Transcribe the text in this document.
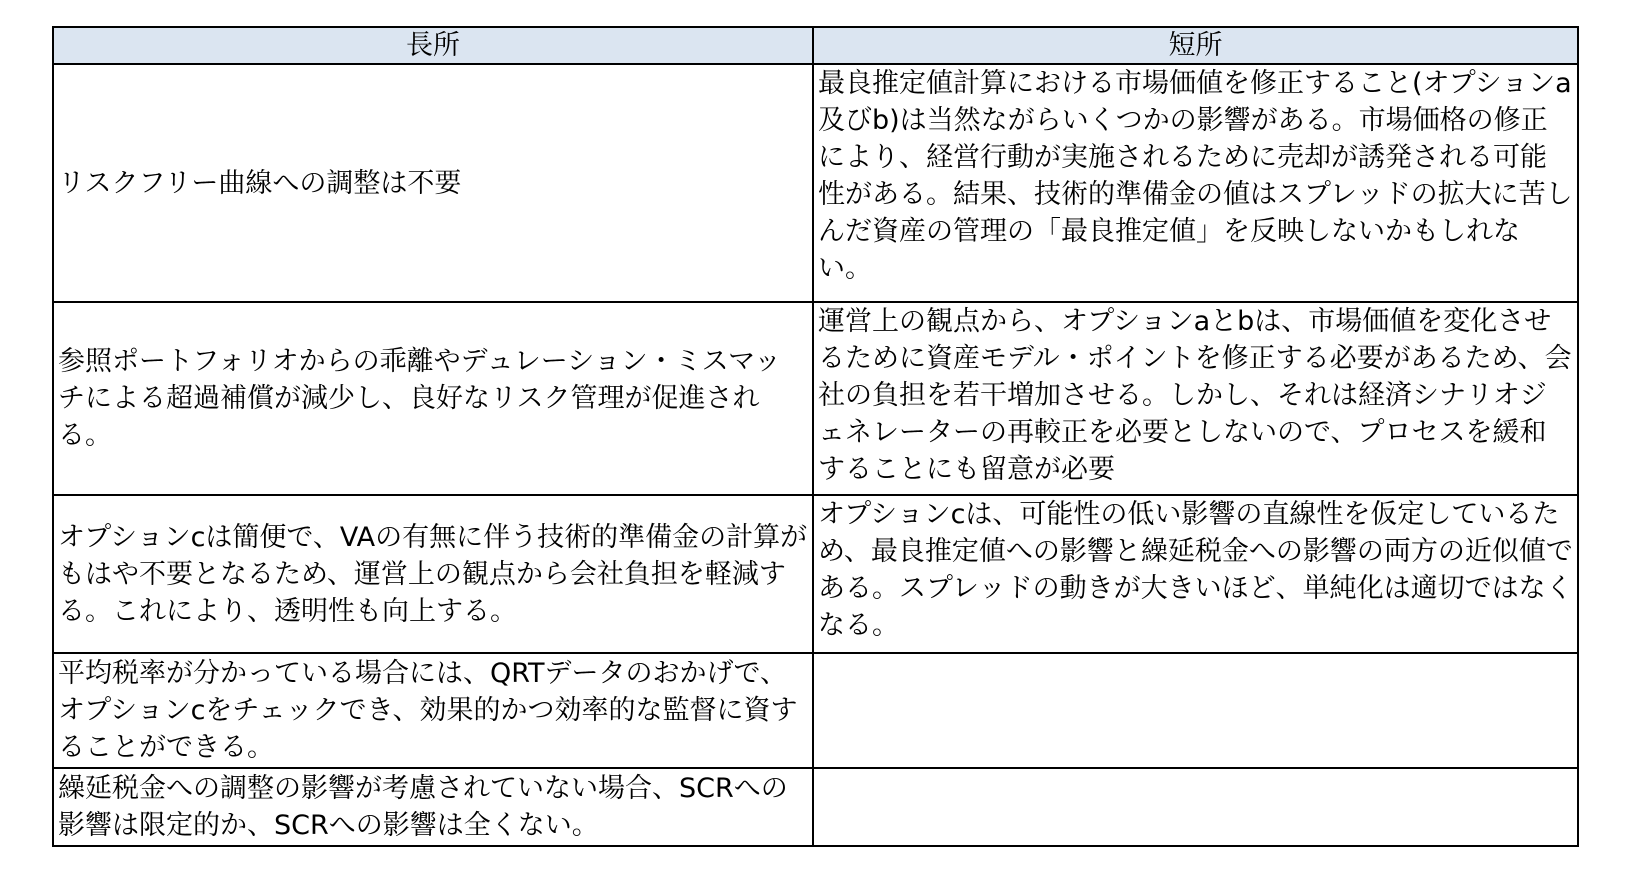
長所	短所

リスクフリー曲線への調整は不要	最良推定値計算における市場価値を修正すること(オプションa及びb)は当然ながらいくつかの影響がある。市場価格の修正により、経営行動が実施されるために売却が誘発される可能性がある。結果、技術的準備金の値はスプレッドの拡大に苦しんだ資産の管理の「最良推定値」を反映しないかもしれない。

参照ポートフォリオからの乖離やデュレーション・ミスマッチによる超過補償が減少し、良好なリスク管理が促進される。	運営上の観点から、オプションaとbは、市場価値を変化させるために資産モデル・ポイントを修正する必要があるため、会社の負担を若干増加させる。しかし、それは経済シナリオジェネレーターの再較正を必要としないので、プロセスを緩和することにも留意が必要

オプションcは簡便で、VAの有無に伴う技術的準備金の計算がもはや不要となるため、運営上の観点から会社負担を軽減する。これにより、透明性も向上する。	オプションcは、可能性の低い影響の直線性を仮定しているため、最良推定値への影響と繰延税金への影響の両方の近似値である。スプレッドの動きが大きいほど、単純化は適切ではなくなる。

平均税率が分かっている場合には、QRTデータのおかげで、オプションcをチェックでき、効果的かつ効率的な監督に資することができる。	

繰延税金への調整の影響が考慮されていない場合、SCRへの影響は限定的か、SCRへの影響は全くない。	
